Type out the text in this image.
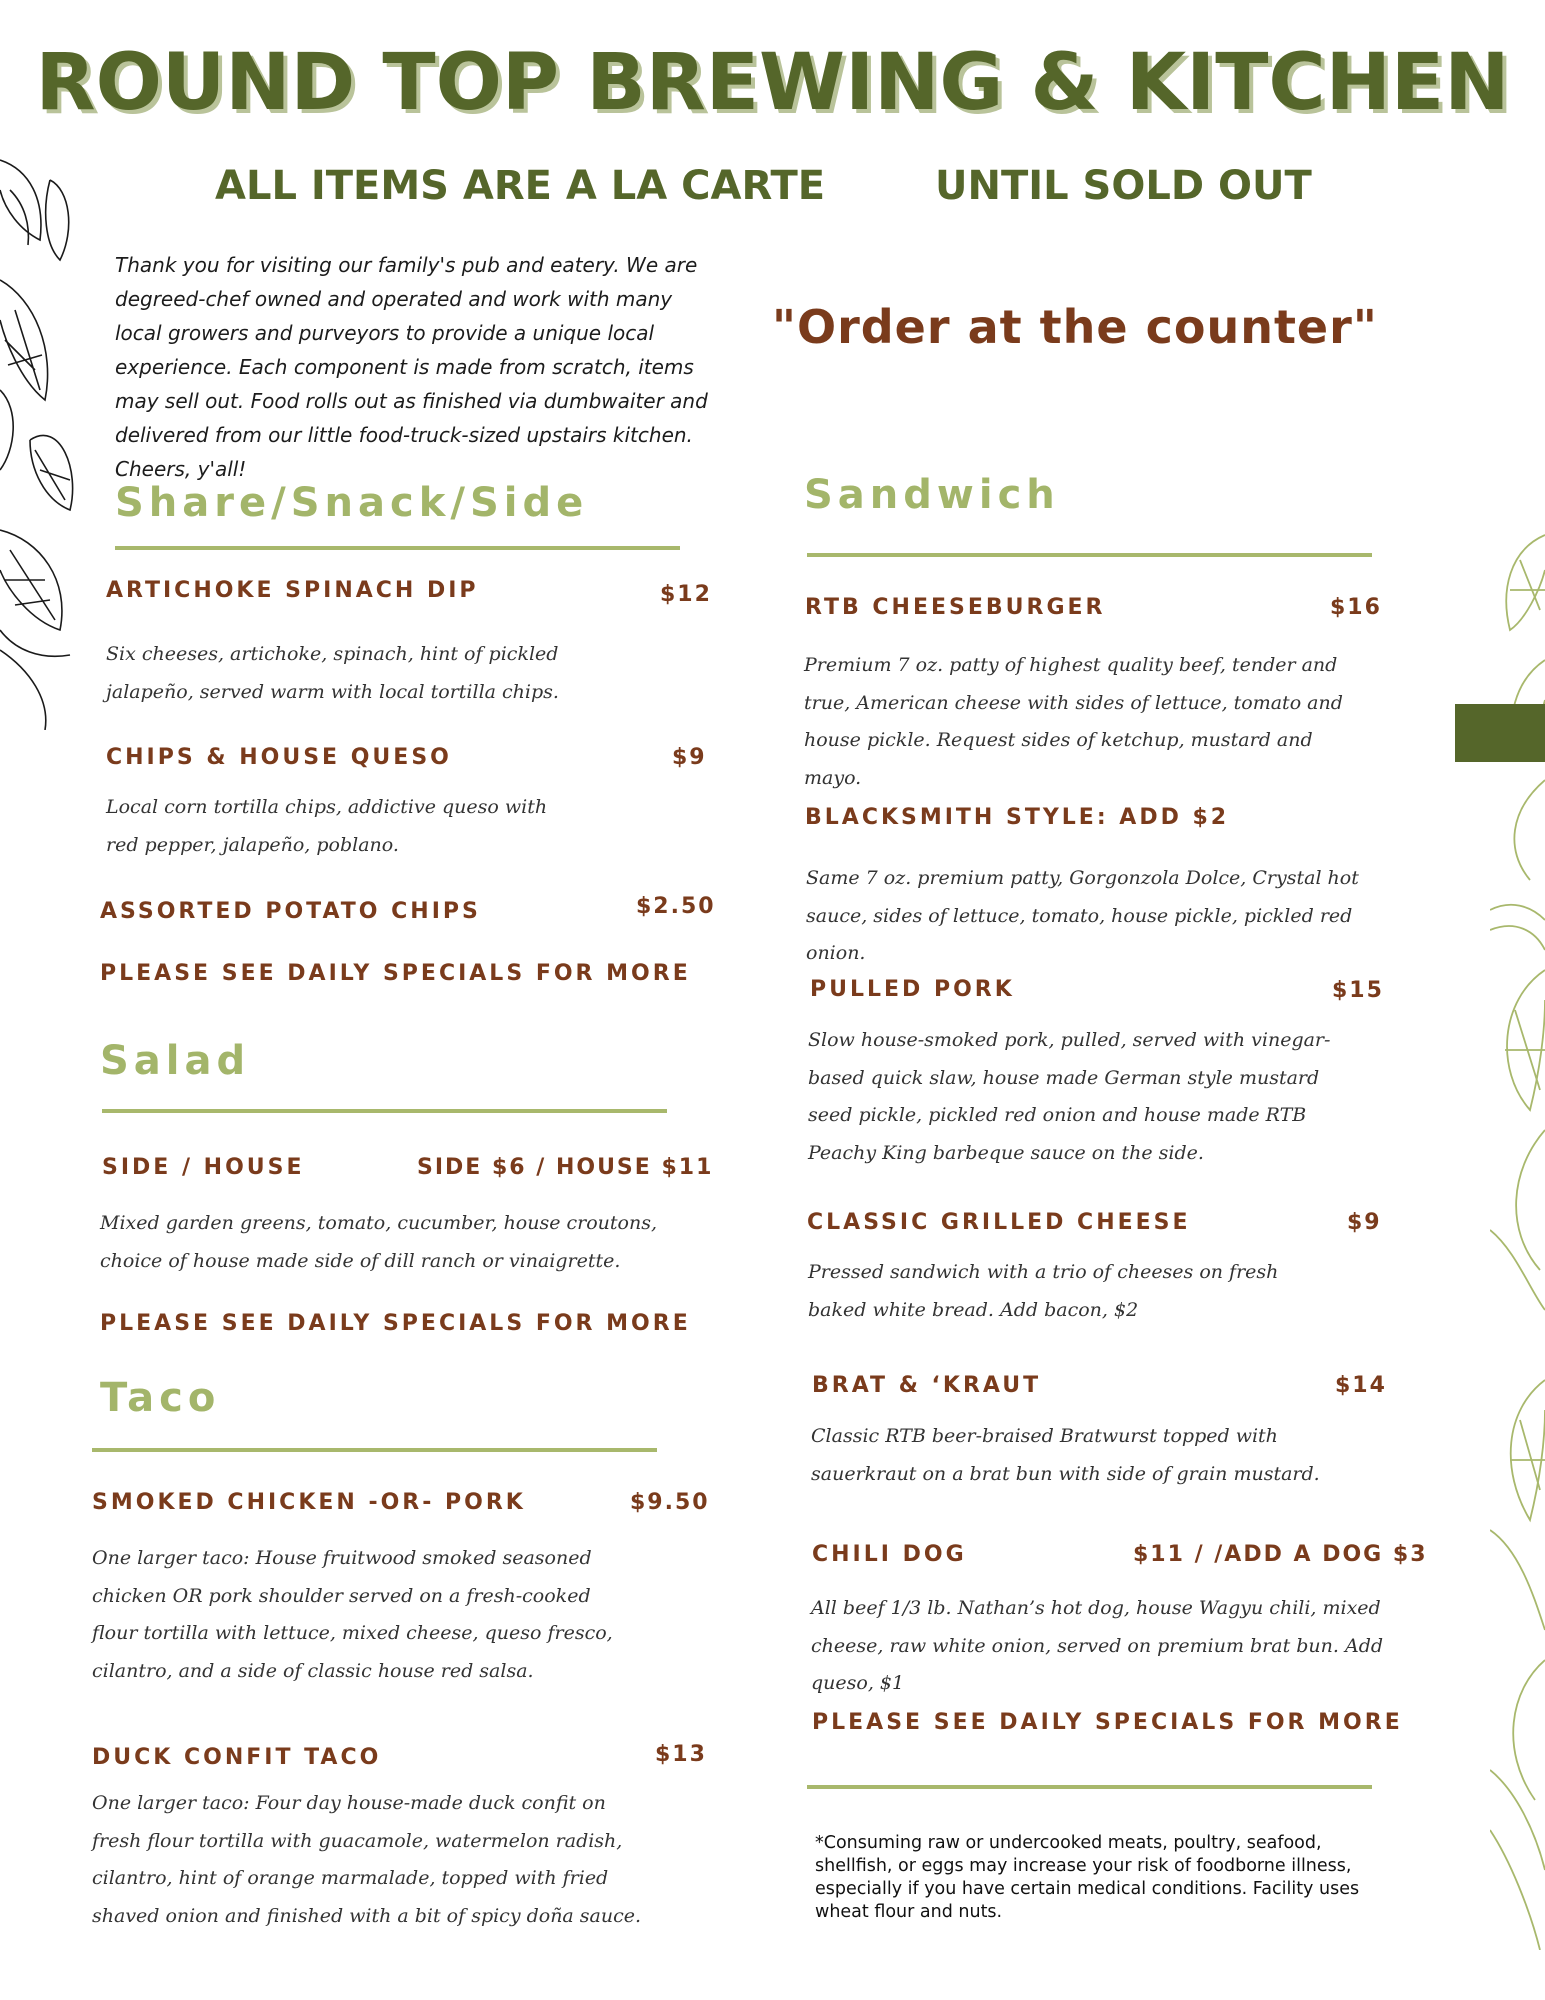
ROUND TOP BREWING & KITCHEN
ALL ITEMS ARE A LA CARTE	UNTIL SOLD OUT
Thank you for visiting our family's pub and eatery. We are degreed-chef owned and operated and work with many local growers and purveyors to provide a unique local experience. Each component is made from scratch, items may sell out. Food rolls out as finished via dumbwaiter and delivered from our little food-truck-sized upstairs kitchen. Cheers, y'all!
"Order at the counter"
Share/Snack/Side
ARTICHOKE SPINACH DIP	$12
Six cheeses, artichoke, spinach, hint of pickled jalapeño, served warm with local tortilla chips.
CHIPS & HOUSE QUESO	$9
Local corn tortilla chips, addictive queso with red pepper, jalapeño, poblano.
ASSORTED POTATO CHIPS	$2.50
PLEASE SEE DAILY SPECIALS FOR MORE
Salad
SIDE / HOUSE	SIDE $6 / HOUSE $11
Mixed garden greens, tomato, cucumber, house croutons, choice of house made side of dill ranch or vinaigrette.
PLEASE SEE DAILY SPECIALS FOR MORE
Taco
SMOKED CHICKEN -OR- PORK	$9.50
One larger taco: House fruitwood smoked seasoned chicken OR pork shoulder served on a fresh-cooked flour tortilla with lettuce, mixed cheese, queso fresco, cilantro, and a side of classic house red salsa.
DUCK CONFIT TACO	$13
One larger taco: Four day house-made duck confit on fresh flour tortilla with guacamole, watermelon radish, cilantro, hint of orange marmalade, topped with fried shaved onion and finished with a bit of spicy doña sauce.
Sandwich
RTB CHEESEBURGER	$16
Premium 7 oz. patty of highest quality beef, tender and true, American cheese with sides of lettuce, tomato and house pickle. Request sides of ketchup, mustard and mayo.
BLACKSMITH STYLE: ADD $2
Same 7 oz. premium patty, Gorgonzola Dolce, Crystal hot sauce, sides of lettuce, tomato, house pickle, pickled red onion.
PULLED PORK	$15
Slow house-smoked pork, pulled, served with vinegar-based quick slaw, house made German style mustard seed pickle, pickled red onion and house made RTB Peachy King barbeque sauce on the side.
CLASSIC GRILLED CHEESE	$9
Pressed sandwich with a trio of cheeses on fresh baked white bread. Add bacon, $2
BRAT & ‘KRAUT	$14
Classic RTB beer-braised Bratwurst topped with sauerkraut on a brat bun with side of grain mustard.
CHILI DOG	$11 / /ADD A DOG $3
All beef 1/3 lb. Nathan’s hot dog, house Wagyu chili, mixed cheese, raw white onion, served on premium brat bun. Add queso, $1
PLEASE SEE DAILY SPECIALS FOR MORE
*Consuming raw or undercooked meats, poultry, seafood, shellfish, or eggs may increase your risk of foodborne illness, especially if you have certain medical conditions. Facility uses wheat flour and nuts.
